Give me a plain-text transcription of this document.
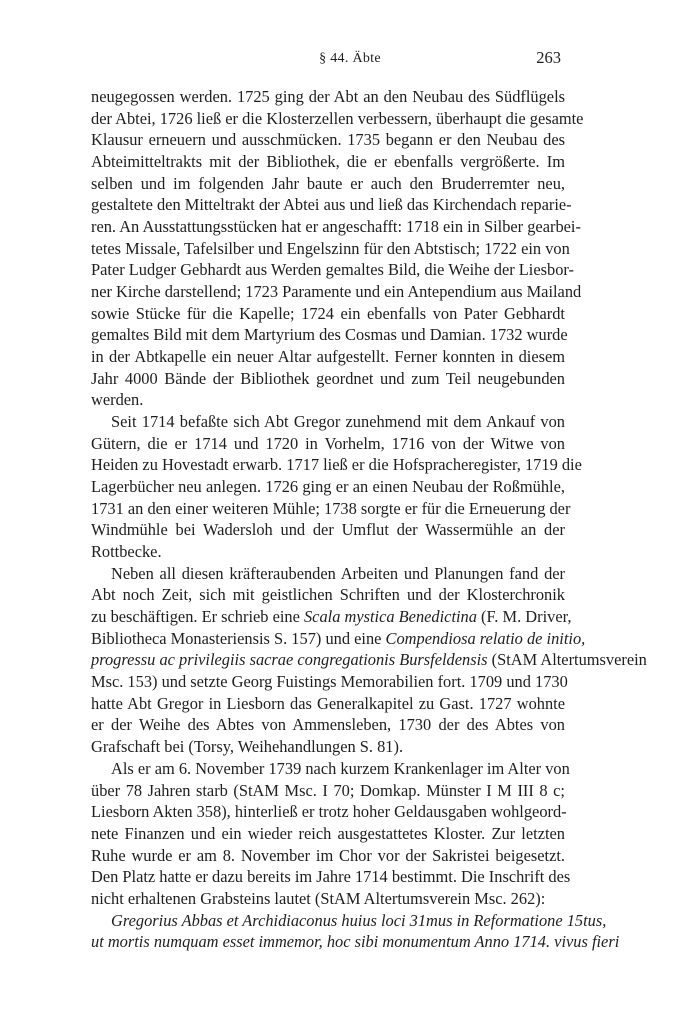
§ 44. Äbte	263
neugegossen werden. 1725 ging der Abt an den Neubau des Südflügels
der Abtei, 1726 ließ er die Klosterzellen verbessern, überhaupt die gesamte
Klausur erneuern und ausschmücken. 1735 begann er den Neubau des
Abteimitteltrakts mit der Bibliothek, die er ebenfalls vergrößerte. Im
selben und im folgenden Jahr baute er auch den Bruderremter neu,
gestaltete den Mitteltrakt der Abtei aus und ließ das Kirchendach reparie-
ren. An Ausstattungsstücken hat er angeschafft: 1718 ein in Silber gearbei-
tetes Missale, Tafelsilber und Engelszinn für den Abtstisch; 1722 ein von
Pater Ludger Gebhardt aus Werden gemaltes Bild, die Weihe der Liesbor-
ner Kirche darstellend; 1723 Paramente und ein Antependium aus Mailand
sowie Stücke für die Kapelle; 1724 ein ebenfalls von Pater Gebhardt
gemaltes Bild mit dem Martyrium des Cosmas und Damian. 1732 wurde
in der Abtkapelle ein neuer Altar aufgestellt. Ferner konnten in diesem
Jahr 4000 Bände der Bibliothek geordnet und zum Teil neugebunden
werden.
Seit 1714 befaßte sich Abt Gregor zunehmend mit dem Ankauf von
Gütern, die er 1714 und 1720 in Vorhelm, 1716 von der Witwe von
Heiden zu Hovestadt erwarb. 1717 ließ er die Hofspracheregister, 1719 die
Lagerbücher neu anlegen. 1726 ging er an einen Neubau der Roßmühle,
1731 an den einer weiteren Mühle; 1738 sorgte er für die Erneuerung der
Windmühle bei Wadersloh und der Umflut der Wassermühle an der
Rottbecke.
Neben all diesen kräfteraubenden Arbeiten und Planungen fand der
Abt noch Zeit, sich mit geistlichen Schriften und der Klosterchronik
zu beschäftigen. Er schrieb eine Scala mystica Benedictina (F. M. Driver,
Bibliotheca Monasteriensis S. 157) und eine Compendiosa relatio de initio,
progressu ac privilegiis sacrae congregationis Bursfeldensis (StAM Altertumsverein
Msc. 153) und setzte Georg Fuistings Memorabilien fort. 1709 und 1730
hatte Abt Gregor in Liesborn das Generalkapitel zu Gast. 1727 wohnte
er der Weihe des Abtes von Ammensleben, 1730 der des Abtes von
Grafschaft bei (Torsy, Weihehandlungen S. 81).
Als er am 6. November 1739 nach kurzem Krankenlager im Alter von
über 78 Jahren starb (StAM Msc. I 70; Domkap. Münster I M III 8 c;
Liesborn Akten 358), hinterließ er trotz hoher Geldausgaben wohlgeord-
nete Finanzen und ein wieder reich ausgestattetes Kloster. Zur letzten
Ruhe wurde er am 8. November im Chor vor der Sakristei beigesetzt.
Den Platz hatte er dazu bereits im Jahre 1714 bestimmt. Die Inschrift des
nicht erhaltenen Grabsteins lautet (StAM Altertumsverein Msc. 262):
Gregorius Abbas et Archidiaconus huius loci 31mus in Reformatione 15tus,
ut mortis numquam esset immemor, hoc sibi monumentum Anno 1714. vivus fieri
